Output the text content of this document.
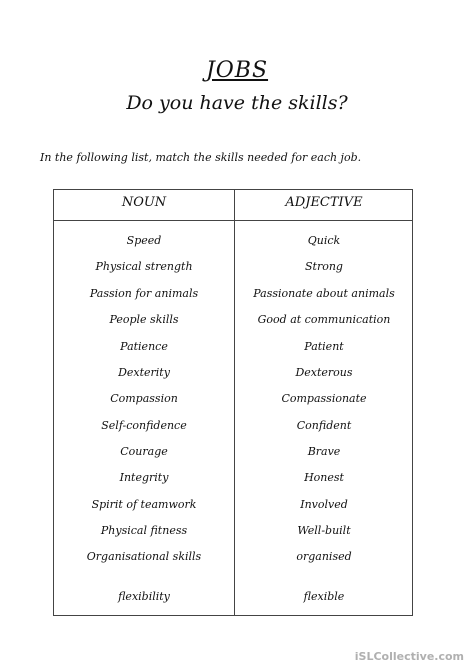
JOBS
Do you have the skills?
In the following list, match the skills needed for each job.
NOUN	ADJECTIVE
Speed	Quick
Physical strength	Strong
Passion for animals	Passionate about animals
People skills	Good at communication
Patience	Patient
Dexterity	Dexterous
Compassion	Compassionate
Self-confidence	Confident
Courage	Brave
Integrity	Honest
Spirit of teamwork	Involved
Physical fitness	Well-built
Organisational skills	organised
flexibility	flexible
iSLCollective.com
